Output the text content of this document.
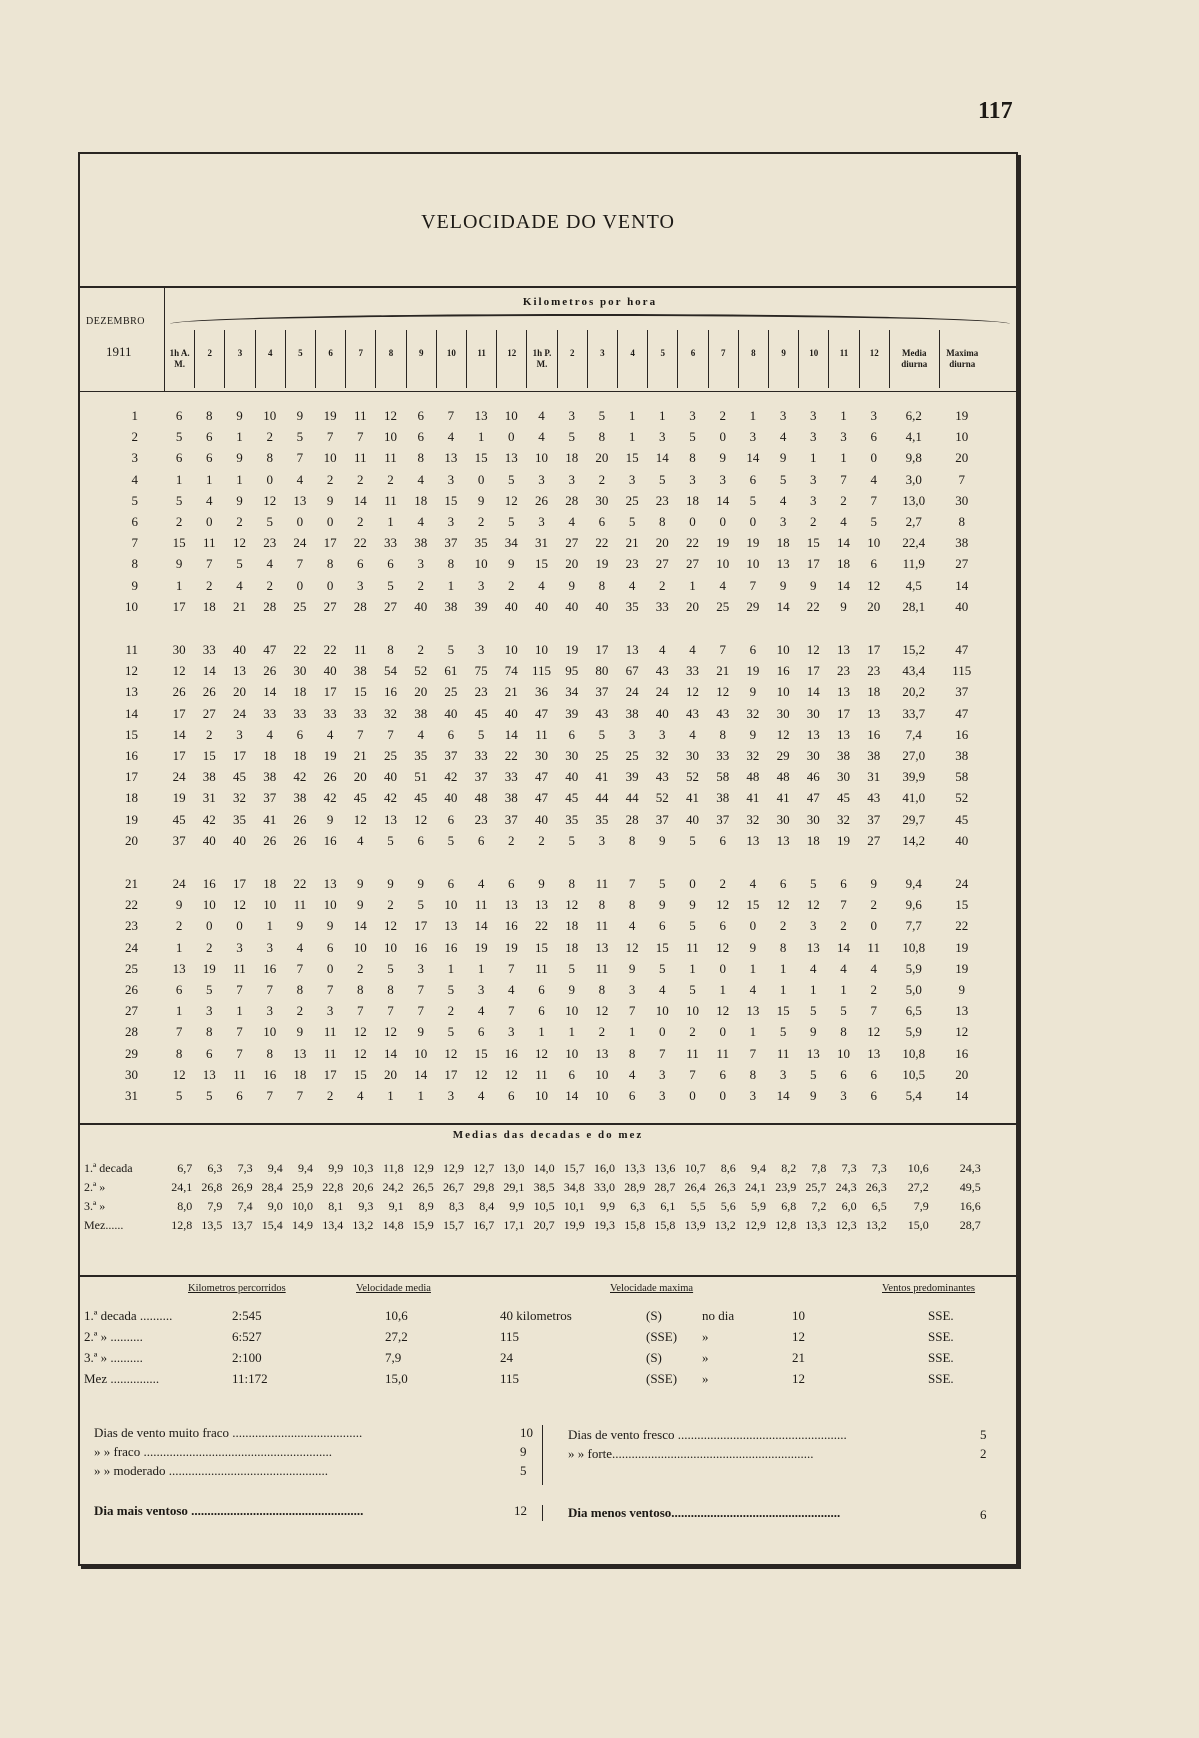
117
VELOCIDADE DO VENTO
DEZEMBRO
1911
Kilometros por hora
1h A. M.
2	3	4	5	6	7	8	9	10	11	12	1h P. M.
2	3	4	5	6	7	8	9	10	11	12	Media diurna
Maxima diurna
1	6	8	9	10	9	19	11	12	6	7	13	10	4	3	5	1	1	3	2	1	3	3	1	3	6,2	19
2	5	6	1	2	5	7	7	10	6	4	1	0	4	5	8	1	3	5	0	3	4	3	3	6	4,1	10
3	6	6	9	8	7	10	11	11	8	13	15	13	10	18	20	15	14	8	9	14	9	1	1	0	9,8	20
4	1	1	1	0	4	2	2	2	4	3	0	5	3	3	2	3	5	3	3	6	5	3	7	4	3,0	7
5	5	4	9	12	13	9	14	11	18	15	9	12	26	28	30	25	23	18	14	5	4	3	2	7	13,0	30
6	2	0	2	5	0	0	2	1	4	3	2	5	3	4	6	5	8	0	0	0	3	2	4	5	2,7	8
7	15	11	12	23	24	17	22	33	38	37	35	34	31	27	22	21	20	22	19	19	18	15	14	10	22,4	38
8	9	7	5	4	7	8	6	6	3	8	10	9	15	20	19	23	27	27	10	10	13	17	18	6	11,9	27
9	1	2	4	2	0	0	3	5	2	1	3	2	4	9	8	4	2	1	4	7	9	9	14	12	4,5	14
10	17	18	21	28	25	27	28	27	40	38	39	40	40	40	40	35	33	20	25	29	14	22	9	20	28,1	40
11	30	33	40	47	22	22	11	8	2	5	3	10	10	19	17	13	4	4	7	6	10	12	13	17	15,2	47
12	12	14	13	26	30	40	38	54	52	61	75	74	115	95	80	67	43	33	21	19	16	17	23	23	43,4	115
13	26	26	20	14	18	17	15	16	20	25	23	21	36	34	37	24	24	12	12	9	10	14	13	18	20,2	37
14	17	27	24	33	33	33	33	32	38	40	45	40	47	39	43	38	40	43	43	32	30	30	17	13	33,7	47
15	14	2	3	4	6	4	7	7	4	6	5	14	11	6	5	3	3	4	8	9	12	13	13	16	7,4	16
16	17	15	17	18	18	19	21	25	35	37	33	22	30	30	25	25	32	30	33	32	29	30	38	38	27,0	38
17	24	38	45	38	42	26	20	40	51	42	37	33	47	40	41	39	43	52	58	48	48	46	30	31	39,9	58
18	19	31	32	37	38	42	45	42	45	40	48	38	47	45	44	44	52	41	38	41	41	47	45	43	41,0	52
19	45	42	35	41	26	9	12	13	12	6	23	37	40	35	35	28	37	40	37	32	30	30	32	37	29,7	45
20	37	40	40	26	26	16	4	5	6	5	6	2	2	5	3	8	9	5	6	13	13	18	19	27	14,2	40
21	24	16	17	18	22	13	9	9	9	6	4	6	9	8	11	7	5	0	2	4	6	5	6	9	9,4	24
22	9	10	12	10	11	10	9	2	5	10	11	13	13	12	8	8	9	9	12	15	12	12	7	2	9,6	15
23	2	0	0	1	9	9	14	12	17	13	14	16	22	18	11	4	6	5	6	0	2	3	2	0	7,7	22
24	1	2	3	3	4	6	10	10	16	16	19	19	15	18	13	12	15	11	12	9	8	13	14	11	10,8	19
25	13	19	11	16	7	0	2	5	3	1	1	7	11	5	11	9	5	1	0	1	1	4	4	4	5,9	19
26	6	5	7	7	8	7	8	8	7	5	3	4	6	9	8	3	4	5	1	4	1	1	1	2	5,0	9
27	1	3	1	3	2	3	7	7	7	2	4	7	6	10	12	7	10	10	12	13	15	5	5	7	6,5	13
28	7	8	7	10	9	11	12	12	9	5	6	3	1	1	2	1	0	2	0	1	5	9	8	12	5,9	12
29	8	6	7	8	13	11	12	14	10	12	15	16	12	10	13	8	7	11	11	7	11	13	10	13	10,8	16
30	12	13	11	16	18	17	15	20	14	17	12	12	11	6	10	4	3	7	6	8	3	5	6	6	10,5	20
31	5	5	6	7	7	2	4	1	1	3	4	6	10	14	10	6	3	0	0	3	14	9	3	6	5,4	14
Medias das decadas e do mez
1.ª decada	6,7	6,3	7,3	9,4	9,4	9,9 10,3 11,8 12,9 12,9 12,7 13,0 14,0 15,7 16,0 13,3 13,6 10,7	8,6	9,4	8,2	7,8	7,3	7,3	10,6	24,3
2.ª »	24,1 26,8 26,9 28,4 25,9 22,8 20,6 24,2 26,5 26,7 29,8 29,1 38,5 34,8 33,0 28,9 28,7 26,4 26,3 24,1 23,9 25,7 24,3 26,3	27,2	49,5
3.ª »	8,0	7,9	7,4	9,0 10,0	8,1	9,3	9,1	8,9	8,3	8,4	9,9 10,5 10,1	9,9	6,3	6,1	5,5	5,6	5,9	6,8	7,2	6,0	6,5	7,9	16,6
Mez......	12,8 13,5 13,7 15,4 14,9 13,4 13,2 14,8 15,9 15,7 16,7 17,1 20,7 19,9 19,3 15,8 15,8 13,9 13,2 12,9 12,8 13,3 12,3 13,2	15,0	28,7
Kilometros percorridos	Velocidade media	Velocidade maxima	Ventos predominantes
1.ª decada ..........	2:545	10,6	40 kilometros	(S)	no dia	10	SSE.
2.ª » ..........	6:527	27,2	115	(SSE) »	12	SSE.
3.ª » ..........	2:100	7,9	24	(S)	»	21	SSE.
Mez ...............	11:172	15,0	115	(SSE) »	12	SSE.
Dias de vento muito fraco ........................................	10
» » fraco ..........................................................	9
» » moderado .................................................	5
Dias de vento fresco ....................................................	5
» » forte..............................................................	2
Dia mais ventoso .....................................................	12	Dia menos ventoso....................................................	6
